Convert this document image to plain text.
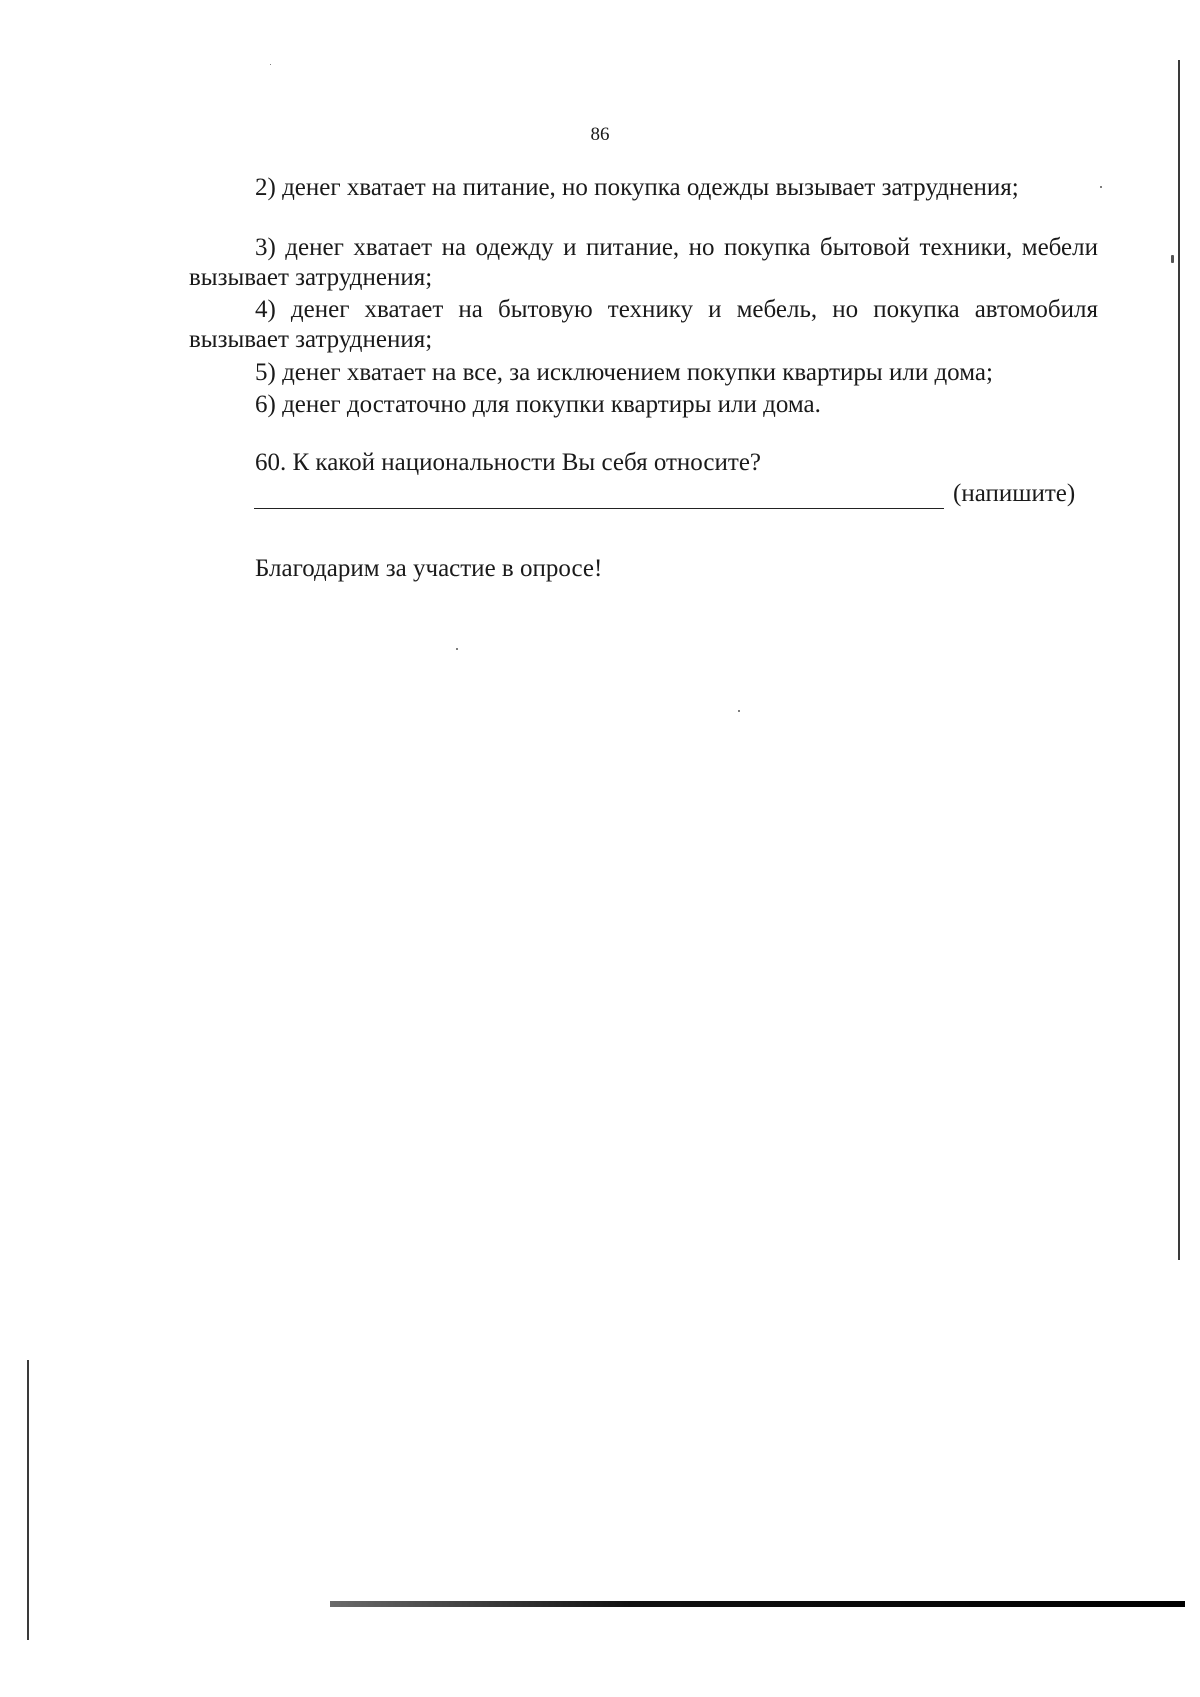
86
2) денег хватает на питание, но покупка одежды вызывает затруднения;
3) денег хватает на одежду и питание, но покупка бытовой техники, мебели вызывает затруднения;
4) денег хватает на бытовую технику и мебель, но покупка автомобиля вызывает затруднения;
5) денег хватает на все, за исключением покупки квартиры или дома;
6) денег достаточно для покупки квартиры или дома.
60. К какой национальности Вы себя относите?
(напишите)
Благодарим за участие в опросе!
